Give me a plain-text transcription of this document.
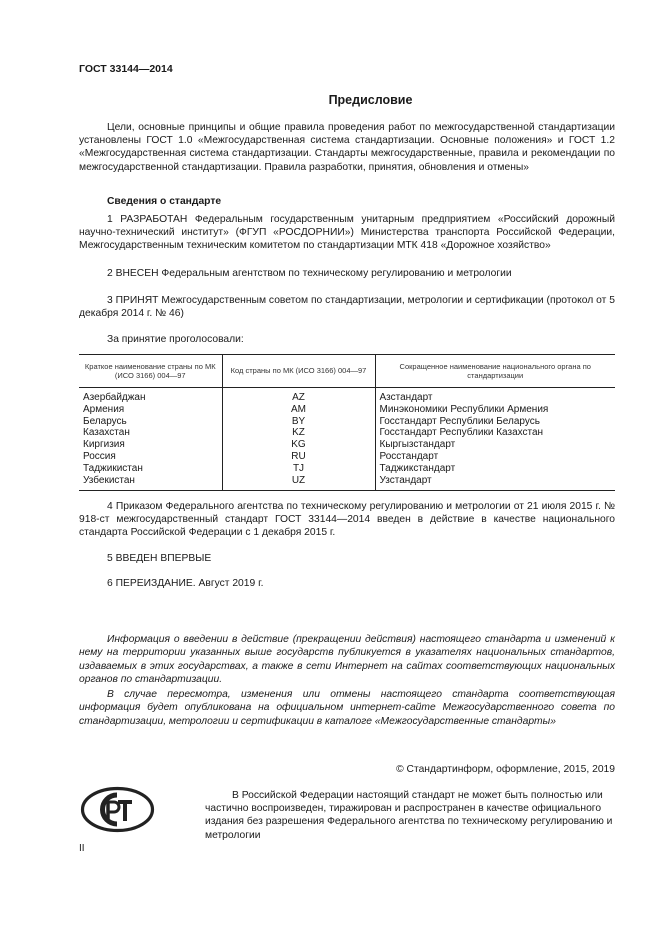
ГОСТ 33144—2014
Предисловие
Цели, основные принципы и общие правила проведения работ по межгосударственной стандартизации установлены ГОСТ 1.0 «Межгосударственная система стандартизации. Основные положения» и ГОСТ 1.2 «Межгосударственная система стандартизации. Стандарты межгосударственные, правила и рекомендации по межгосударственной стандартизации. Правила разработки, принятия, обновления и отмены»
Сведения о стандарте
1 РАЗРАБОТАН Федеральным государственным унитарным предприятием «Российский дорожный научно-технический институт» (ФГУП «РОСДОРНИИ») Министерства транспорта Российской Федерации, Межгосударственным техническим комитетом по стандартизации МТК 418 «Дорожное хозяйство»
2 ВНЕСЕН Федеральным агентством по техническому регулированию и метрологии
3 ПРИНЯТ Межгосударственным советом по стандартизации, метрологии и сертификации (протокол от 5 декабря 2014 г. № 46)
За принятие проголосовали:
Краткое наименование страны по МК (ИСО 3166) 004—97	Код страны по МК (ИСО 3166) 004—97	Сокращенное наименование национального органа по стандартизации
Азербайджан	AZ	Азстандарт
Армения	AM	Минэкономики Республики Армения
Беларусь	BY	Госстандарт Республики Беларусь
Казахстан	KZ	Госстандарт Республики Казахстан
Киргизия	KG	Кыргызстандарт
Россия	RU	Росстандарт
Таджикистан	TJ	Таджикстандарт
Узбекистан	UZ	Узстандарт
4 Приказом Федерального агентства по техническому регулированию и метрологии от 21 июля 2015 г. № 918-ст межгосударственный стандарт ГОСТ 33144—2014 введен в действие в качестве национального стандарта Российской Федерации с 1 декабря 2015 г.
5 ВВЕДЕН ВПЕРВЫЕ
6 ПЕРЕИЗДАНИЕ. Август 2019 г.
Информация о введении в действие (прекращении действия) настоящего стандарта и изменений к нему на территории указанных выше государств публикуется в указателях национальных стандартов, издаваемых в этих государствах, а также в сети Интернет на сайтах соответствующих национальных органов по стандартизации.
В случае пересмотра, изменения или отмены настоящего стандарта соответствующая информация будет опубликована на официальном интернет-сайте Межгосударственного совета по стандартизации, метрологии и сертификации в каталоге «Межгосударственные стандарты»
© Стандартинформ, оформление, 2015, 2019
В Российской Федерации настоящий стандарт не может быть полностью или частично воспроизведен, тиражирован и распространен в качестве официального издания без разрешения Федерального агентства по техническому регулированию и метрологии
II
